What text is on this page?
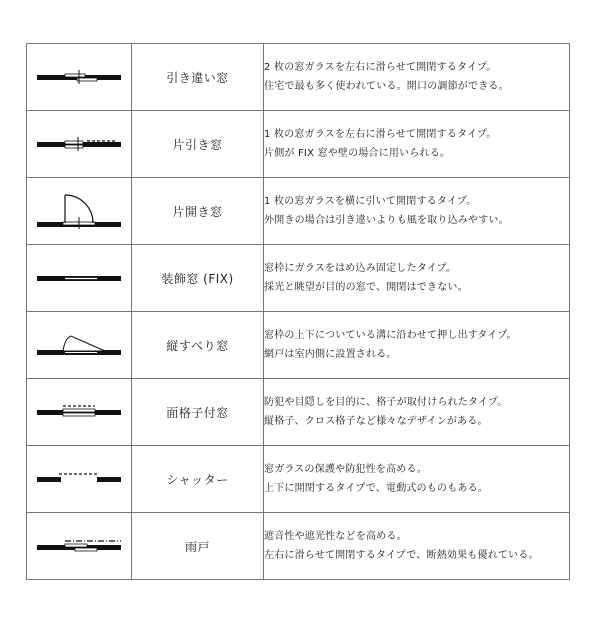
	引き違い窓	2 枚の窓ガラスを左右に滑らせて開閉するタイプ。
住宅で最も多く使われている。開口の調節ができる。

	片引き窓	1 枚の窓ガラスを左右に滑らせて開閉するタイプ。
片側が FIX 窓や壁の場合に用いられる。

	片開き窓	1 枚の窓ガラスを横に引いて開閉するタイプ。
外開きの場合は引き違いよりも風を取り込みやすい。

	装飾窓 (FIX)	窓枠にガラスをはめ込み固定したタイプ。
採光と眺望が目的の窓で、開閉はできない。

	縦すべり窓	窓枠の上下についている溝に沿わせて押し出すタイプ。
網戸は室内側に設置される。

	面格子付窓	防犯や目隠しを目的に、格子が取付けられたタイプ。
縦格子、クロス格子など様々なデザインがある。

	シャッター	窓ガラスの保護や防犯性を高める。
上下に開閉するタイプで、電動式のものもある。

	雨戸	遮音性や遮光性などを高める。
左右に滑らせて開閉するタイプで、断熱効果も優れている。
